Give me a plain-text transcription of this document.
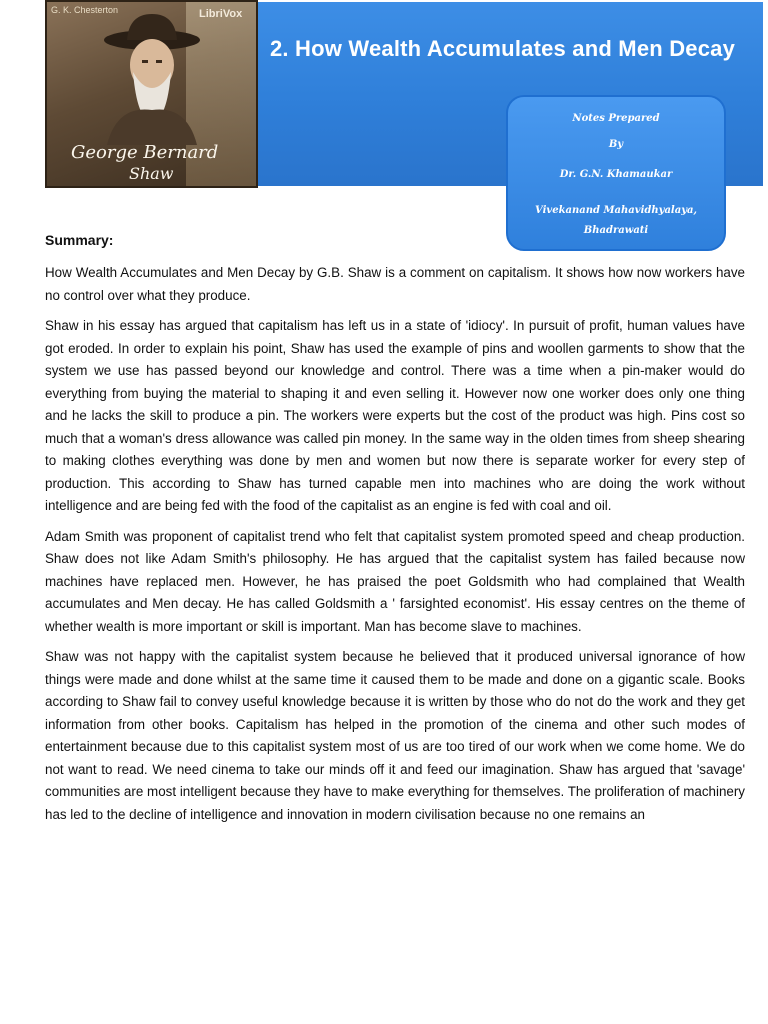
G. K. Chesterton	LibriVox
George Bernard
Shaw
2. How Wealth Accumulates and Men Decay
Notes Prepared
By
Dr. G.N. Khamaukar
Vivekanand Mahavidhyalaya,
Bhadrawati

Summary:

How Wealth Accumulates and Men Decay by G.B. Shaw is a comment on capitalism. It shows how now workers have no control over what they produce.

Shaw in his essay has argued that capitalism has left us in a state of 'idiocy'. In pursuit of profit, human values have got eroded. In order to explain his point, Shaw has used the example of pins and woollen garments to show that the system we use has passed beyond our knowledge and control. There was a time when a pin-maker would do everything from buying the material to shaping it and even selling it. However now one worker does only one thing and he lacks the skill to produce a pin. The workers were experts but the cost of the product was high. Pins cost so much that a woman's dress allowance was called pin money. In the same way in the olden times from sheep shearing to making clothes everything was done by men and women but now there is separate worker for every step of production. This according to Shaw has turned capable men into machines who are doing the work without intelligence and are being fed with the food of the capitalist as an engine is fed with coal and oil.

Adam Smith was proponent of capitalist trend who felt that capitalist system promoted speed and cheap production. Shaw does not like Adam Smith's philosophy. He has argued that the capitalist system has failed because now machines have replaced men. However, he has praised the poet Goldsmith who had complained that Wealth accumulates and Men decay. He has called Goldsmith a ' farsighted economist'. His essay centres on the theme of whether wealth is more important or skill is important. Man has become slave to machines.

Shaw was not happy with the capitalist system because he believed that it produced universal ignorance of how things were made and done whilst at the same time it caused them to be made and done on a gigantic scale. Books according to Shaw fail to convey useful knowledge because it is written by those who do not do the work and they get information from other books. Capitalism has helped in the promotion of the cinema and other such modes of entertainment because due to this capitalist system most of us are too tired of our work when we come home. We do not want to read. We need cinema to take our minds off it and feed our imagination. Shaw has argued that 'savage' communities are most intelligent because they have to make everything for themselves. The proliferation of machinery has led to the decline of intelligence and innovation in modern civilisation because no one remains an
